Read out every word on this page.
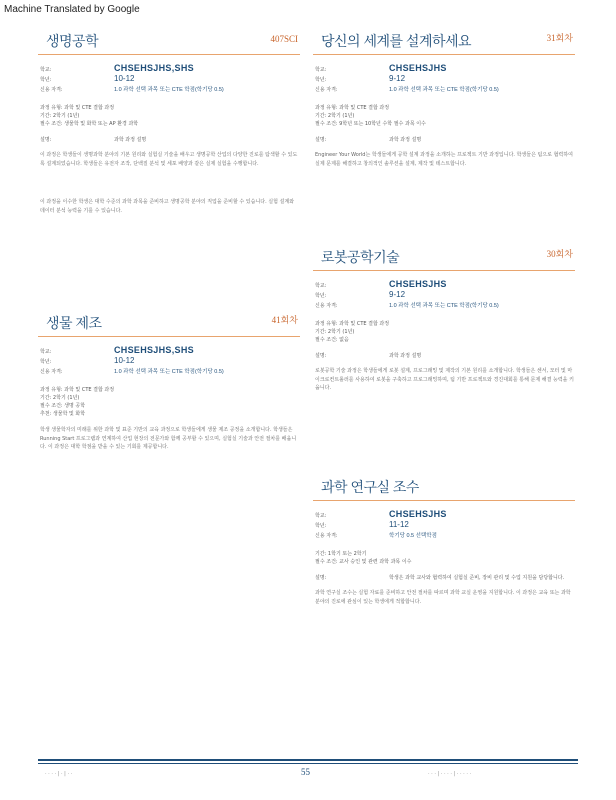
Machine Translated by Google
생명공학	407SCI
학교:	CHSEHSJHS,SHS
학년:	10-12
신용 자격:	1.0 과학 선택 과목 또는 CTE 학점(학기당 0.5)
과정 유형: 과학 및 CTE 결합 과정
기간: 2학기 (1년)
필수 조건: 생물학 및 화학 또는 AP 환경 과학
설명:	과학 과정 설명
이 과정은 학생들이 생명과학 분야의 기본 원리와 실험실 기술을 배우고 생명공학 산업의 다양한 진로를 탐색할 수 있도록 설계되었습니다. 학생들은 유전자 조작, 단백질 분석 및 세포 배양과 같은 실제 실험을 수행합니다.
이 과정을 이수한 학생은 대학 수준의 과학 과목을 준비하고 생명공학 분야의 직업을 준비할 수 있습니다. 실험 설계와 데이터 분석 능력을 기를 수 있습니다.
생물 제조	41회차
학교:	CHSEHSJHS,SHS
학년:	10-12
신용 자격:	1.0 과학 선택 과목 또는 CTE 학점(학기당 0.5)
과정 유형: 과학 및 CTE 결합 과정
기간: 2학기 (1년)
필수 조건: 생명 공학
추천: 생물학 및 화학
학생 생물학자의 미래를 위한 과학 및 표준 기반의 교육 과정으로 학생들에게 생물 제조 공정을 소개합니다. 학생들은 Running Start 프로그램과 연계하여 산업 현장의 전문가와 함께 공부할 수 있으며, 실험실 기술과 안전 절차를 배웁니다. 이 과정은 대학 학점을 받을 수 있는 기회를 제공합니다.
당신의 세계를 설계하세요	31회차
학교:	CHSEHSJHS
학년:	9-12
신용 자격:	1.0 과학 선택 과목 또는 CTE 학점(학기당 0.5)
과정 유형: 과학 및 CTE 결합 과정
기간: 2학기 (1년)
필수 조건: 9학년 또는 10학년 수학 필수 과목 이수
설명:	과학 과정 설명
Engineer Your World는 학생들에게 공학 설계 과정을 소개하는 프로젝트 기반 과정입니다. 학생들은 팀으로 협력하여 실제 문제를 해결하고 창의적인 솔루션을 설계, 제작 및 테스트합니다.
로봇공학기술	30회차
학교:	CHSEHSJHS
학년:	9-12
신용 자격:	1.0 과학 선택 과목 또는 CTE 학점(학기당 0.5)
과정 유형: 과학 및 CTE 결합 과정
기간: 2학기 (1년)
필수 조건: 없음
설명:	과학 과정 설명
로봇공학 기술 과정은 학생들에게 로봇 설계, 프로그래밍 및 제작의 기본 원리를 소개합니다. 학생들은 센서, 모터 및 마이크로컨트롤러를 사용하여 로봇을 구축하고 프로그래밍하며, 팀 기반 프로젝트와 경진대회를 통해 문제 해결 능력을 키웁니다.
과학 연구실 조수
학교:	CHSEHSJHS
학년:	11-12
신용 자격:	학기당 0.5 선택학점
기간: 1학기 또는 2학기
필수 조건: 교사 승인 및 관련 과학 과목 이수
설명:	학생은 과학 교사와 협력하여 실험실 준비, 장비 관리 및 수업 지원을 담당합니다.
과학 연구실 조수는 실험 자료를 준비하고 안전 절차를 따르며 과학 교실 운영을 지원합니다. 이 과정은 교육 또는 과학 분야의 진로에 관심이 있는 학생에게 적합합니다.
· · · · | · | · ·	55	· · · | · · · · | · · · · ·
